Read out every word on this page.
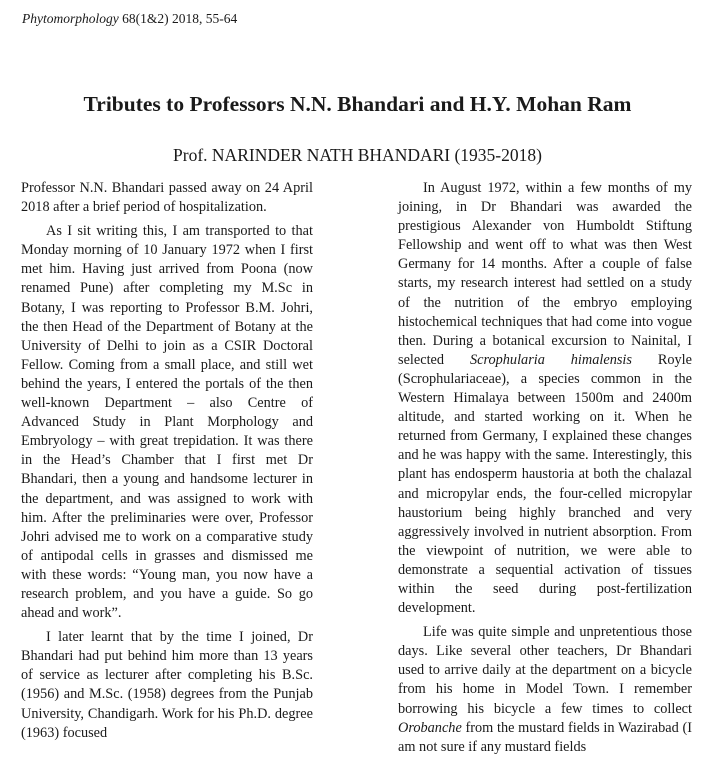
Phytomorphology 68(1&2) 2018, 55-64
Tributes to Professors N.N. Bhandari and H.Y. Mohan Ram
Prof. NARINDER NATH BHANDARI (1935-2018)

Professor N.N. Bhandari passed away on 24 April 2018 after a brief period of hospitalization.

As I sit writing this, I am transported to that Monday morning of 10 January 1972 when I first met him. Having just arrived from Poona (now renamed Pune) after completing my M.Sc in Botany, I was reporting to Professor B.M. Johri, the then Head of the Department of Botany at the University of Delhi to join as a CSIR Doctoral Fellow. Coming from a small place, and still wet behind the years, I entered the portals of the then well-known Department – also Centre of Advanced Study in Plant Morphology and Embryology – with great trepidation. It was there in the Head’s Chamber that I first met Dr Bhandari, then a young and handsome lecturer in the department, and was assigned to work with him. After the preliminaries were over, Professor Johri advised me to work on a comparative study of antipodal cells in grasses and dismissed me with these words: “Young man, you now have a research problem, and you have a guide. So go ahead and work”.

I later learnt that by the time I joined, Dr Bhandari had put behind him more than 13 years of service as lecturer after completing his B.Sc. (1956) and M.Sc. (1958) degrees from the Punjab University, Chandigarh. Work for his Ph.D. degree (1963) focused

In August 1972, within a few months of my joining, in Dr Bhandari was awarded the prestigious Alexander von Humboldt Stiftung Fellowship and went off to what was then West Germany for 14 months. After a couple of false starts, my research interest had settled on a study of the nutrition of the embryo employing histochemical techniques that had come into vogue then. During a botanical excursion to Nainital, I selected Scrophularia himalensis Royle (Scrophulariaceae), a species common in the Western Himalaya between 1500m and 2400m altitude, and started working on it. When he returned from Germany, I explained these changes and he was happy with the same. Interestingly, this plant has endosperm haustoria at both the chalazal and micropylar ends, the four-celled micropylar haustorium being highly branched and very aggressively involved in nutrient absorption. From the viewpoint of nutrition, we were able to demonstrate a sequential activation of tissues within the seed during post-fertilization development.

Life was quite simple and unpretentious those days. Like several other teachers, Dr Bhandari used to arrive daily at the department on a bicycle from his home in Model Town. I remember borrowing his bicycle a few times to collect Orobanche from the mustard fields in Wazirabad (I am not sure if any mustard fields
